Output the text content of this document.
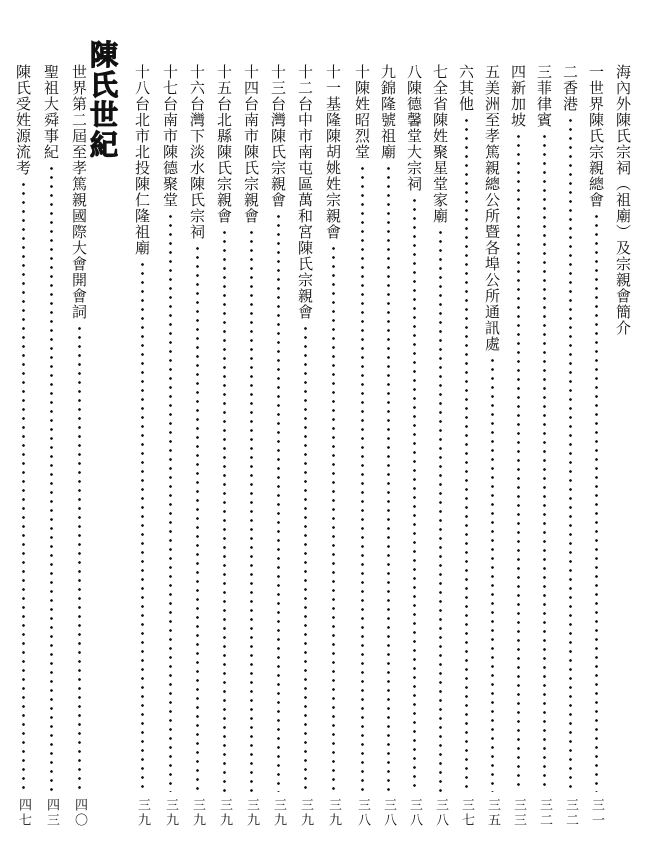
陳氏世紀	海內外陳氏宗祠（祖廟）及宗親會簡介
一世界陳氏宗親總會
三一
二香港
三二
三菲律賓
三二
四新加坡
三三
五美洲至孝篤親總公所暨各埠公所通訊處
三五
六其他
三七
七全省陳姓聚星堂家廟
三八
八陳德馨堂大宗祠
三八
九錦隆號祖廟
三八
十陳姓昭烈堂
三八
十一基隆陳胡姚姓宗親會
三九
十二台中市南屯區萬和宮陳氏宗親會
三九
十三台灣陳氏宗親會
三九
十四台南市陳氏宗親會
三九
十五台北縣陳氏宗親會
三九
十六台灣下淡水陳氏宗祠
三九
十七台南市陳德聚堂
三九
十八台北市北投陳仁隆祖廟
三九
世界第二屆至孝篤親國際大會開會詞
四〇
聖祖大舜事紀
四三
陳氏受姓源流考
四七
